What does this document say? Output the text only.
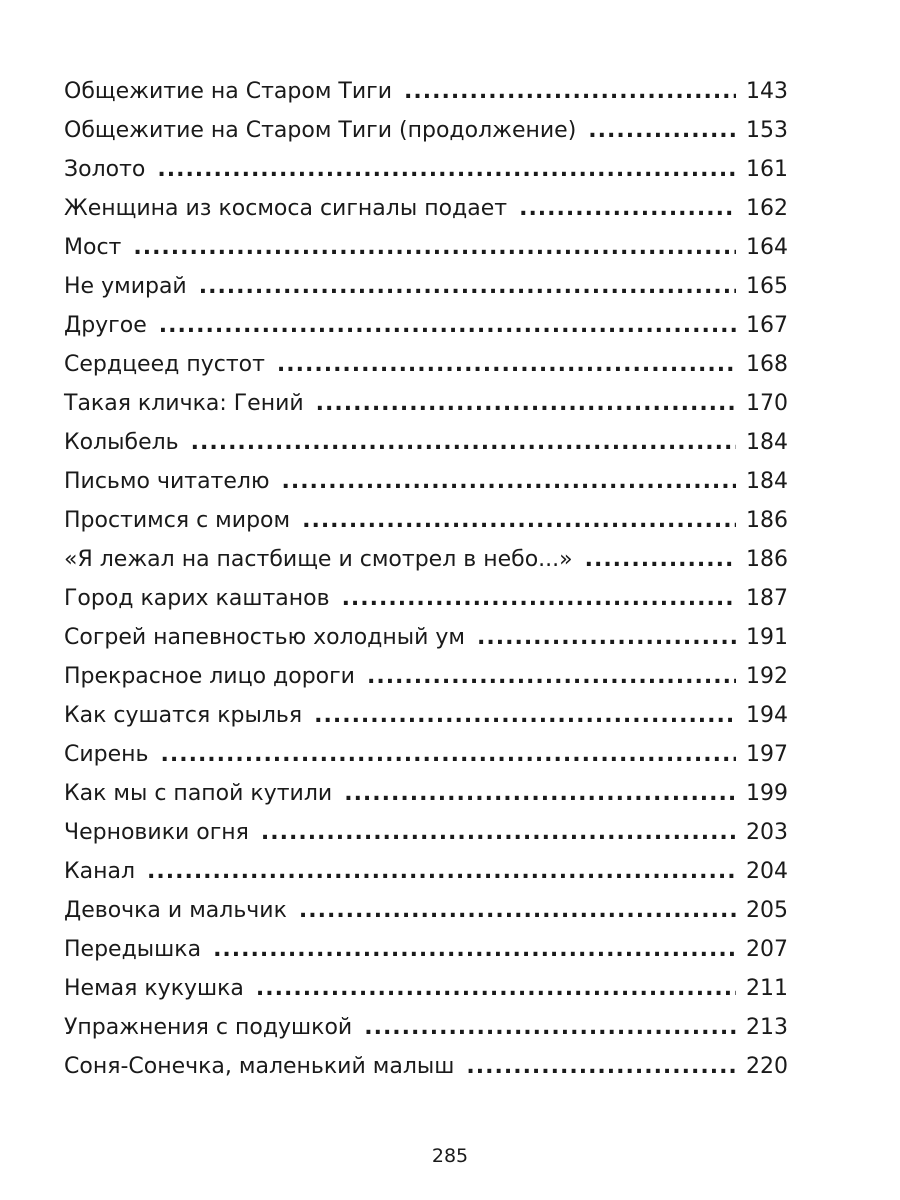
Общежитие на Старом Тиги .....	143
Общежитие на Старом Тиги (продолжение) .....	153
Золото .....	161
Женщина из космоса сигналы подает .....	162
Мост .....	164
Не умирай .....	165
Другое .....	167
Сердцеед пустот .....	168
Такая кличка: Гений .....	170
Колыбель .....	184
Письмо читателю .....	184
Простимся с миром .....	186
«Я лежал на пастбище и смотрел в небо...» .....	186
Город карих каштанов .....	187
Согрей напевностью холодный ум .....	191
Прекрасное лицо дороги .....	192
Как сушатся крылья .....	194
Сирень .....	197
Как мы с папой кутили .....	199
Черновики огня .....	203
Канал .....	204
Девочка и мальчик .....	205
Передышка .....	207
Немая кукушка .....	211
Упражнения с подушкой .....	213
Соня-Сонечка, маленький малыш .....	220
285
